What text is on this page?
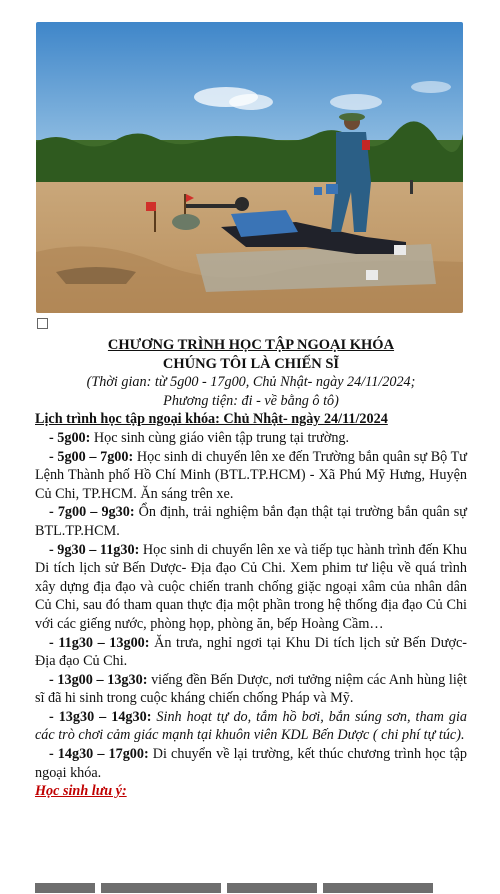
CHƯƠNG TRÌNH HỌC TẬP NGOẠI KHÓA
CHÚNG TÔI LÀ CHIẾN SĨ
(Thời gian: từ 5g00 - 17g00, Chủ Nhật- ngày 24/11/2024;
Phương tiện: đi - về bằng ô tô)
Lịch trình học tập ngoại khóa: Chủ Nhật- ngày 24/11/2024
- 5g00: Học sinh cùng giáo viên tập trung tại trường.
- 5g00 – 7g00: Học sinh di chuyển lên xe đến Trường bắn quân sự Bộ Tư Lệnh Thành phố Hồ Chí Minh (BTL.TP.HCM) - Xã Phú Mỹ Hưng, Huyện Củ Chi, TP.HCM. Ăn sáng trên xe.
- 7g00 – 9g30: Ổn định, trải nghiệm bắn đạn thật tại trường bắn quân sự BTL.TP.HCM.
- 9g30 – 11g30: Học sinh di chuyển lên xe và tiếp tục hành trình đến Khu Di tích lịch sử Bến Dược- Địa đạo Củ Chi. Xem phim tư liệu về quá trình xây dựng địa đạo và cuộc chiến tranh chống giặc ngoại xâm của nhân dân Củ Chi, sau đó tham quan thực địa một phần trong hệ thống địa đạo Củ Chi với các giếng nước, phòng họp, phòng ăn, bếp Hoàng Cầm…
- 11g30 – 13g00: Ăn trưa, nghỉ ngơi tại Khu Di tích lịch sử Bến Dược- Địa đạo Củ Chi.
- 13g00 – 13g30: viếng đền Bến Dược, nơi tưởng niệm các Anh hùng liệt sĩ đã hi sinh trong cuộc kháng chiến chống Pháp và Mỹ.
- 13g30 – 14g30: Sinh hoạt tự do, tắm hồ bơi, bắn súng sơn, tham gia các trò chơi cảm giác mạnh tại khuôn viên KDL Bến Dược ( chi phí tự túc).
- 14g30 – 17g00: Di chuyển về lại trường, kết thúc chương trình học tập ngoại khóa.
Học sinh lưu ý:
